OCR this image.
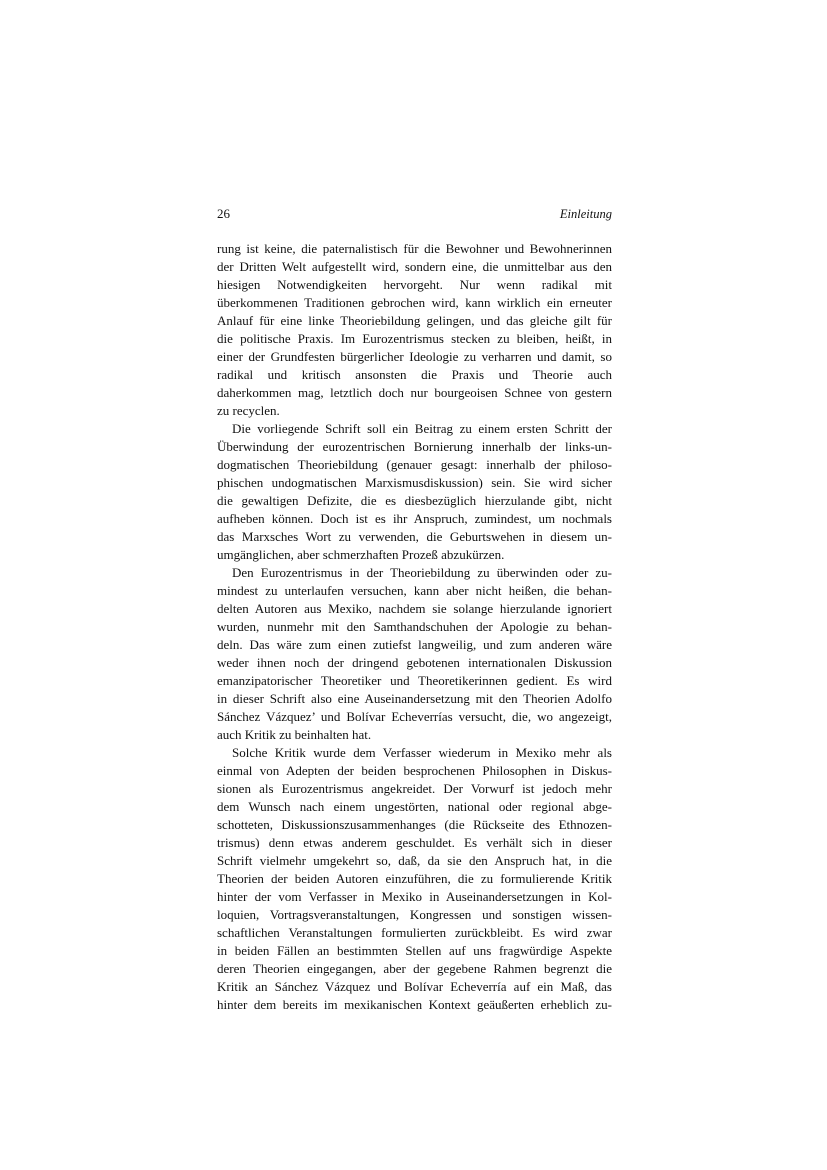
26	Einleitung
rung ist keine, die paternalistisch für die Bewohner und Bewohnerinnen
der Dritten Welt aufgestellt wird, sondern eine, die unmittelbar aus den
hiesigen Notwendigkeiten hervorgeht. Nur wenn radikal mit
überkommenen Traditionen gebrochen wird, kann wirklich ein erneuter
Anlauf für eine linke Theoriebildung gelingen, und das gleiche gilt für
die politische Praxis. Im Eurozentrismus stecken zu bleiben, heißt, in
einer der Grundfesten bürgerlicher Ideologie zu verharren und damit, so
radikal und kritisch ansonsten die Praxis und Theorie auch
daherkommen mag, letztlich doch nur bourgeoisen Schnee von gestern
zu recyclen.
Die vorliegende Schrift soll ein Beitrag zu einem ersten Schritt der
Überwindung der eurozentrischen Bornierung innerhalb der links-un-
dogmatischen Theoriebildung (genauer gesagt: innerhalb der philoso-
phischen undogmatischen Marxismusdiskussion) sein. Sie wird sicher
die gewaltigen Defizite, die es diesbezüglich hierzulande gibt, nicht
aufheben können. Doch ist es ihr Anspruch, zumindest, um nochmals
das Marxsches Wort zu verwenden, die Geburtswehen in diesem un-
umgänglichen, aber schmerzhaften Prozeß abzukürzen.
Den Eurozentrismus in der Theoriebildung zu überwinden oder zu-
mindest zu unterlaufen versuchen, kann aber nicht heißen, die behan-
delten Autoren aus Mexiko, nachdem sie solange hierzulande ignoriert
wurden, nunmehr mit den Samthandschuhen der Apologie zu behan-
deln. Das wäre zum einen zutiefst langweilig, und zum anderen wäre
weder ihnen noch der dringend gebotenen internationalen Diskussion
emanzipatorischer Theoretiker und Theoretikerinnen gedient. Es wird
in dieser Schrift also eine Auseinandersetzung mit den Theorien Adolfo
Sánchez Vázquez’ und Bolívar Echeverrías versucht, die, wo angezeigt,
auch Kritik zu beinhalten hat.
Solche Kritik wurde dem Verfasser wiederum in Mexiko mehr als
einmal von Adepten der beiden besprochenen Philosophen in Diskus-
sionen als Eurozentrismus angekreidet. Der Vorwurf ist jedoch mehr
dem Wunsch nach einem ungestörten, national oder regional abge-
schotteten, Diskussionszusammenhanges (die Rückseite des Ethnozen-
trismus) denn etwas anderem geschuldet. Es verhält sich in dieser
Schrift vielmehr umgekehrt so, daß, da sie den Anspruch hat, in die
Theorien der beiden Autoren einzuführen, die zu formulierende Kritik
hinter der vom Verfasser in Mexiko in Auseinandersetzungen in Kol-
loquien, Vortragsveranstaltungen, Kongressen und sonstigen wissen-
schaftlichen Veranstaltungen formulierten zurückbleibt. Es wird zwar
in beiden Fällen an bestimmten Stellen auf uns fragwürdige Aspekte
deren Theorien eingegangen, aber der gegebene Rahmen begrenzt die
Kritik an Sánchez Vázquez und Bolívar Echeverría auf ein Maß, das
hinter dem bereits im mexikanischen Kontext geäußerten erheblich zu-
